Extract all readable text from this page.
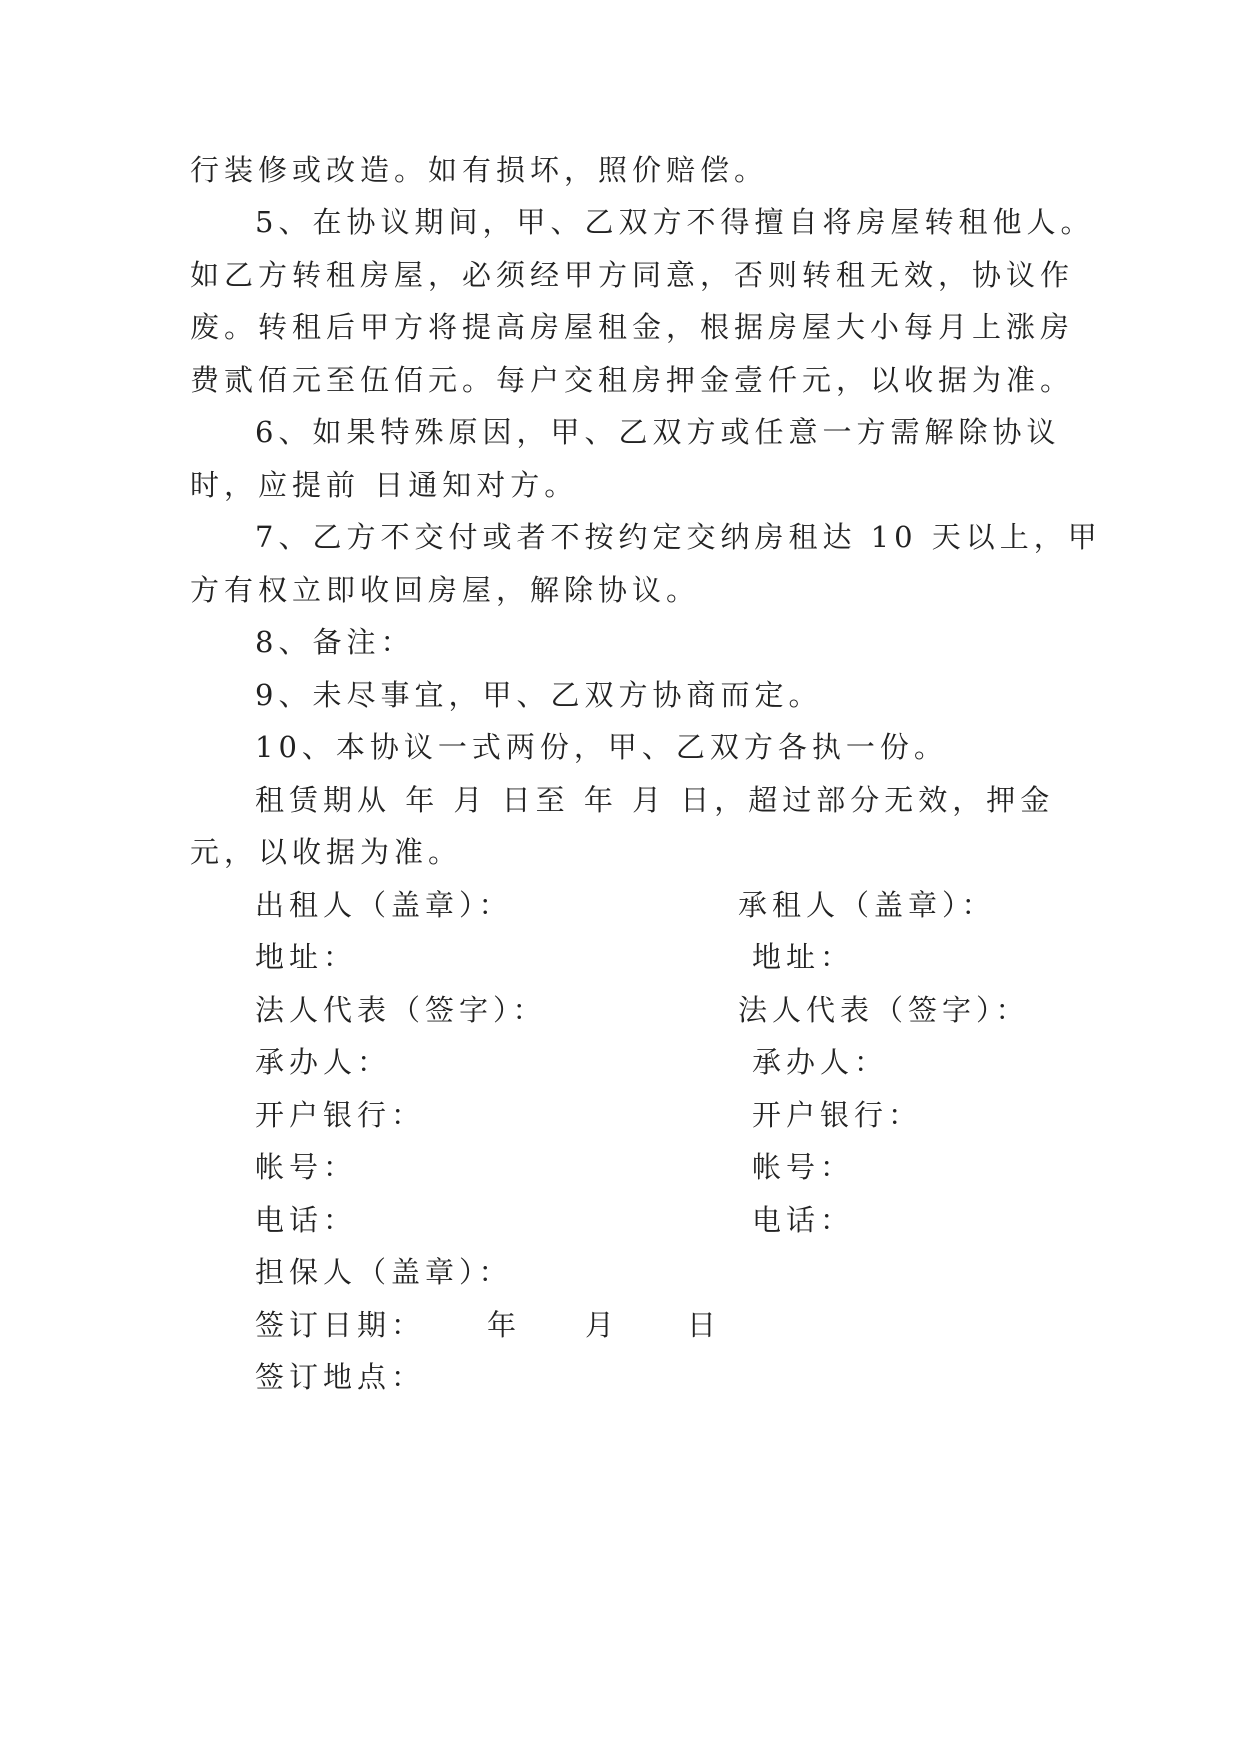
行装修或改造。如有损坏，照价赔偿。
5、在协议期间，甲、乙双方不得擅自将房屋转租他人。
如乙方转租房屋，必须经甲方同意，否则转租无效，协议作
废。转租后甲方将提高房屋租金，根据房屋大小每月上涨房
费贰佰元至伍佰元。每户交租房押金壹仟元，以收据为准。
6、如果特殊原因，甲、乙双方或任意一方需解除协议
时，应提前 日通知对方。
7、乙方不交付或者不按约定交纳房租达 10 天以上，甲
方有权立即收回房屋，解除协议。
8、备注：
9、未尽事宜，甲、乙双方协商而定。
10、本协议一式两份，甲、乙双方各执一份。
租赁期从 年 月 日至 年 月 日，超过部分无效，押金
元，以收据为准。
出租人（盖章）：	承租人（盖章）：
地址：	地址：
法人代表（签字）：	法人代表（签字）：
承办人：	承办人：
开户银行：	开户银行：
帐号：	帐号：
电话：	电话：
担保人（盖章）：
签订日期： 年 月	日
签订地点：
